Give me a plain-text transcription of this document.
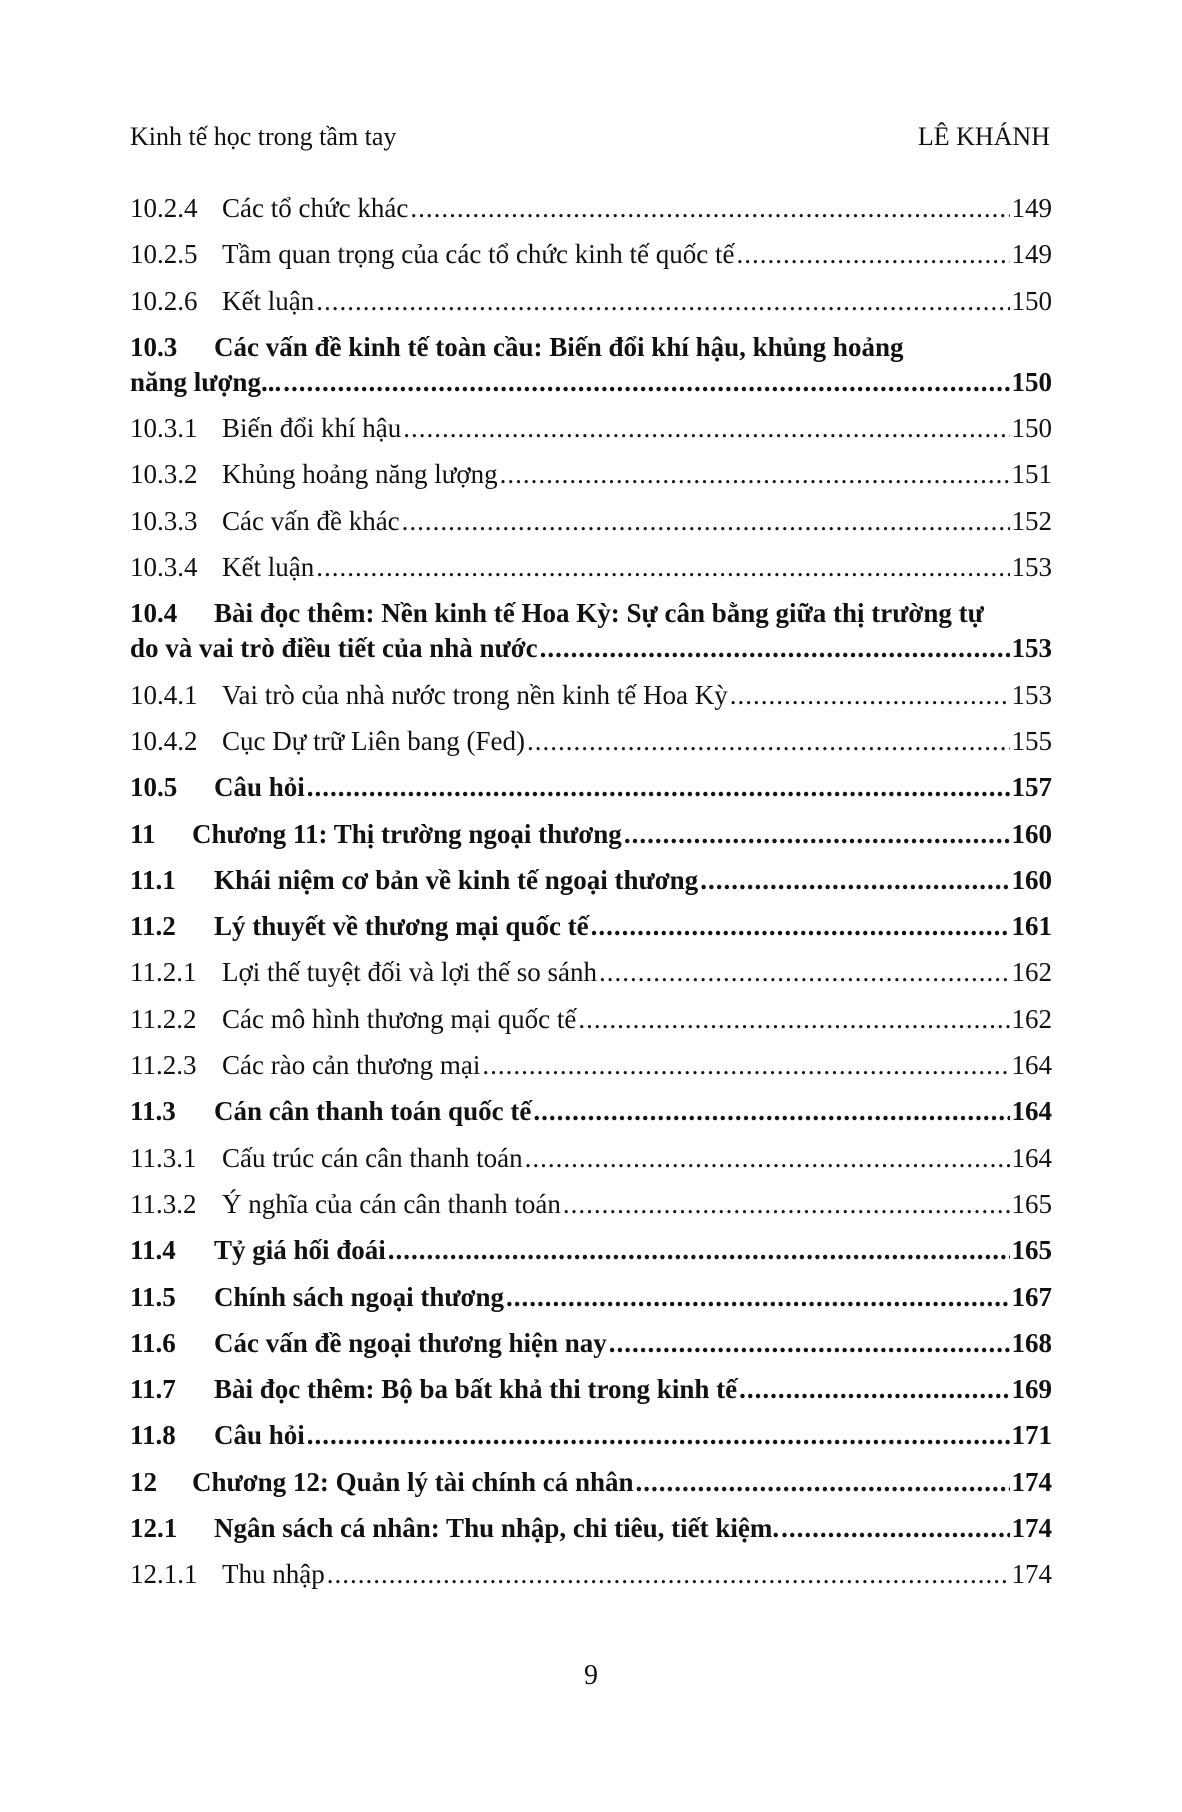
Kinh tế học trong tầm tay	LÊ KHÁNH
10.2.4 Các tổ chức khác .....	149
10.2.5 Tầm quan trọng của các tổ chức kinh tế quốc tế .....	149
10.2.6 Kết luận .....	150
10.3	Các vấn đề kinh tế toàn cầu: Biến đổi khí hậu, khủng hoảng
năng lượng... .....	150
10.3.1 Biến đổi khí hậu .....	150
10.3.2 Khủng hoảng năng lượng .....	151
10.3.3 Các vấn đề khác .....	152
10.3.4 Kết luận .....	153
10.4	Bài đọc thêm: Nền kinh tế Hoa Kỳ: Sự cân bằng giữa thị trường tự
do và vai trò điều tiết của nhà nước .....	153
10.4.1 Vai trò của nhà nước trong nền kinh tế Hoa Kỳ .....	153
10.4.2 Cục Dự trữ Liên bang (Fed) .....	155
10.5	Câu hỏi .....	157
11	Chương 11: Thị trường ngoại thương .....	160
11.1	Khái niệm cơ bản về kinh tế ngoại thương .....	160
11.2	Lý thuyết về thương mại quốc tế .....	161
11.2.1 Lợi thế tuyệt đối và lợi thế so sánh .....	162
11.2.2 Các mô hình thương mại quốc tế .....	162
11.2.3 Các rào cản thương mại .....	164
11.3	Cán cân thanh toán quốc tế .....	164
11.3.1 Cấu trúc cán cân thanh toán .....	164
11.3.2 Ý nghĩa của cán cân thanh toán .....	165
11.4	Tỷ giá hối đoái .....	165
11.5	Chính sách ngoại thương .....	167
11.6	Các vấn đề ngoại thương hiện nay .....	168
11.7	Bài đọc thêm: Bộ ba bất khả thi trong kinh tế .....	169
11.8	Câu hỏi .....	171
12	Chương 12: Quản lý tài chính cá nhân .....	174
12.1	Ngân sách cá nhân: Thu nhập, chi tiêu, tiết kiệm. .....	174
12.1.1 Thu nhập .....	174
9
